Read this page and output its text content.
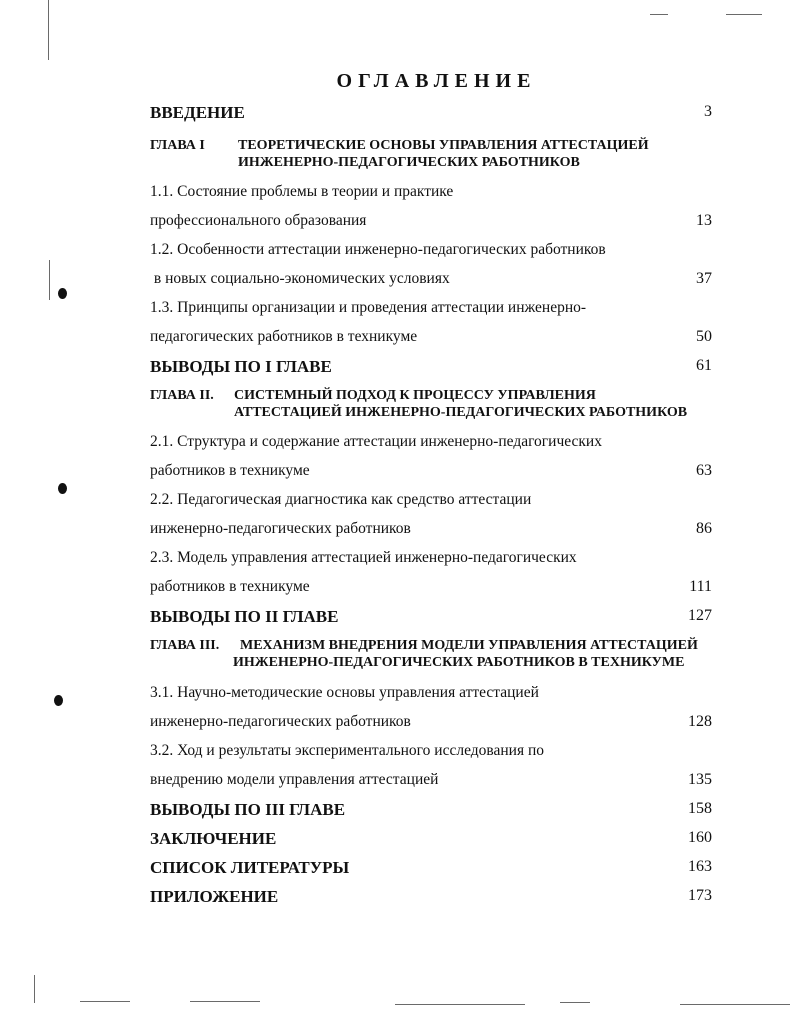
ОГЛАВЛЕНИЕ
ВВЕДЕНИЕ	3
ГЛАВА I ТЕОРЕТИЧЕСКИЕ ОСНОВЫ УПРАВЛЕНИЯ АТТЕСТАЦИЕЙ
ИНЖЕНЕРНО-ПЕДАГОГИЧЕСКИХ РАБОТНИКОВ
1.1. Состояние проблемы в теории и практике
профессионального образования	13
1.2. Особенности аттестации инженерно-педагогических работников
в новых социально-экономических условиях	37
1.3. Принципы организации и проведения аттестации инженерно-
педагогических работников в техникуме	50
ВЫВОДЫ ПО I ГЛАВЕ	61
ГЛАВА II. СИСТЕМНЫЙ ПОДХОД К ПРОЦЕССУ УПРАВЛЕНИЯ
АТТЕСТАЦИЕЙ ИНЖЕНЕРНО-ПЕДАГОГИЧЕСКИХ РАБОТНИКОВ
2.1. Структура и содержание аттестации инженерно-педагогических
работников в техникуме	63
2.2. Педагогическая диагностика как средство аттестации
инженерно-педагогических работников	86
2.3. Модель управления аттестацией инженерно-педагогических
работников в техникуме	111
ВЫВОДЫ ПО II ГЛАВЕ	127
ГЛАВА III. МЕХАНИЗМ ВНЕДРЕНИЯ МОДЕЛИ УПРАВЛЕНИЯ АТТЕСТАЦИЕЙ
ИНЖЕНЕРНО-ПЕДАГОГИЧЕСКИХ РАБОТНИКОВ В ТЕХНИКУМЕ
3.1. Научно-методические основы управления аттестацией
инженерно-педагогических работников	128
3.2. Ход и результаты экспериментального исследования по
внедрению модели управления аттестацией	135
ВЫВОДЫ ПО III ГЛАВЕ	158
ЗАКЛЮЧЕНИЕ	160
СПИСОК ЛИТЕРАТУРЫ	163
ПРИЛОЖЕНИЕ	173
